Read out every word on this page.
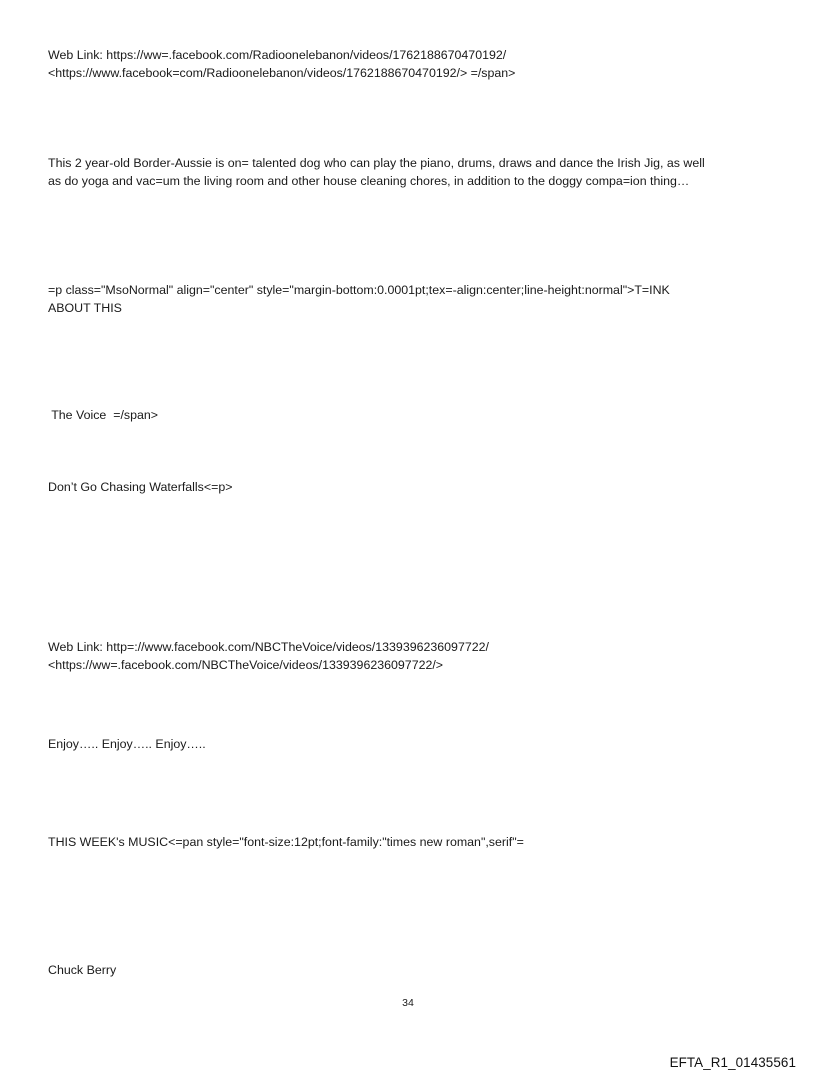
Web Link: https://ww=.facebook.com/Radioonelebanon/videos/1762188670470192/
<https://www.facebook=com/Radioonelebanon/videos/1762188670470192/> =/span>
This 2 year-old Border-Aussie is on= talented dog who can play the piano, drums, draws and dance the Irish Jig, as well
as do yoga and vac=um the living room and other house cleaning chores, in addition to the doggy compa=ion thing…
=p class="MsoNormal" align="center" style="margin-bottom:0.0001pt;tex=-align:center;line-height:normal">T=INK
ABOUT THIS
The Voice  =/span>
Don’t Go Chasing Waterfalls<=p>
Web Link: http=://www.facebook.com/NBCTheVoice/videos/1339396236097722/
<https://ww=.facebook.com/NBCTheVoice/videos/1339396236097722/>
Enjoy….. Enjoy….. Enjoy…..
THIS WEEK's MUSIC<=pan style="font-size:12pt;font-family:"times new roman",serif"=
Chuck Berry
34
EFTA_R1_01435561
